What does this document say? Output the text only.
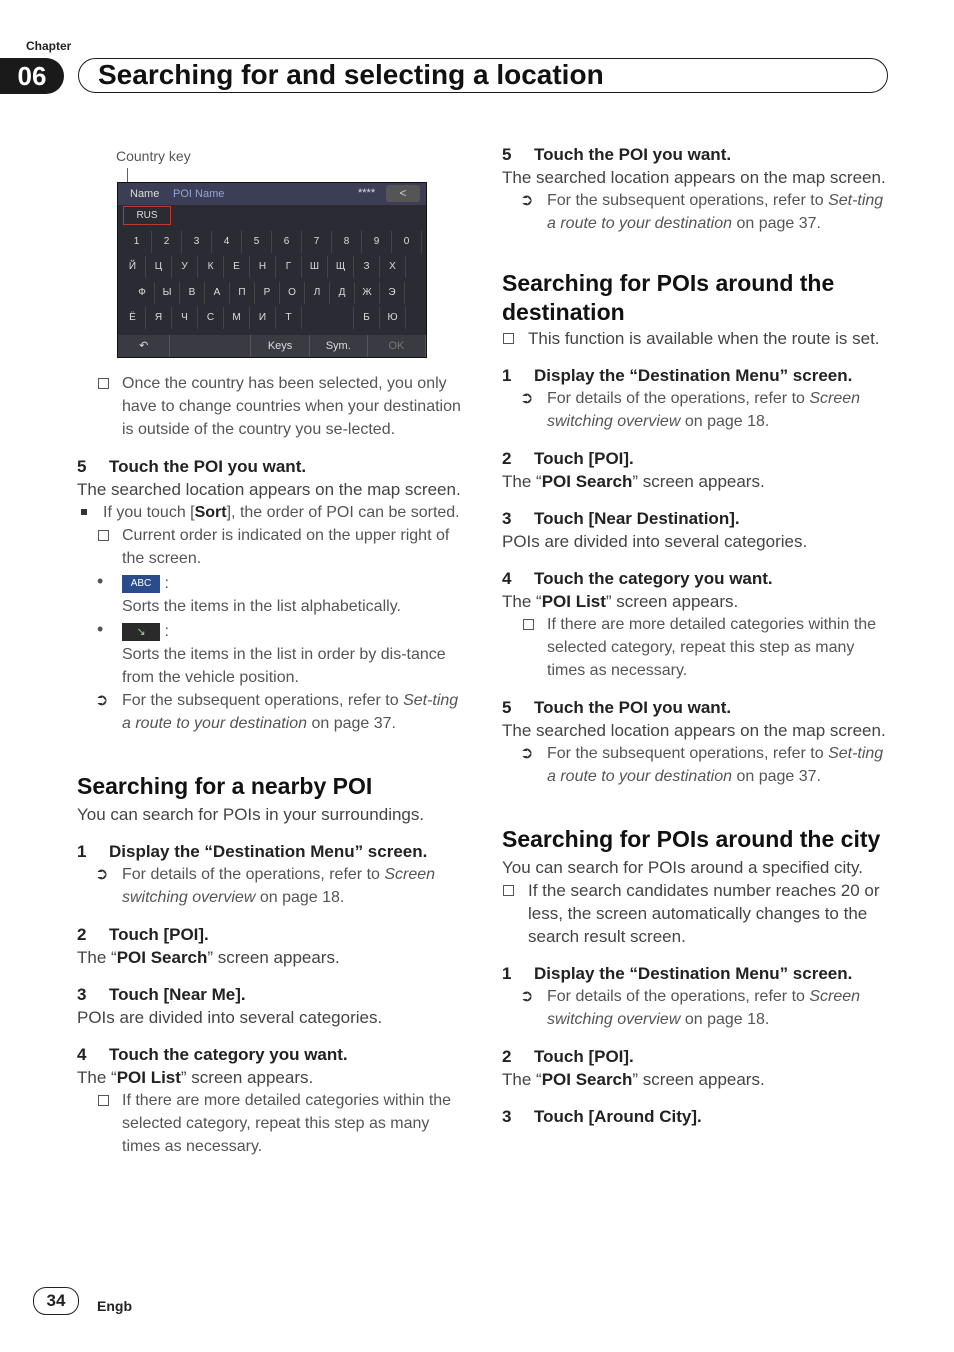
Chapter
06	Searching for and selecting a location
Country key
Name POI Name	****	<
RUS
1	2	3	4	5	6	7	8	9	0
Й	Ц	У	К	Е	Н	Г	Ш	Щ	З	Х
Ф	Ы	В	А	П	Р	О	Л	Д	Ж	Э
Ё	Я	Ч	С	М	И	Т	Б	Ю
↶	Keys	Sym.	OK
Once the country has been selected, you only have to change countries when your destination is outside of the country you se-lected.
5 Touch the POI you want.
The searched location appears on the map screen.
If you touch [Sort], the order of POI can be sorted.
Current order is indicated on the upper right of the screen.
•	ABC :
Sorts the items in the list alphabetically.
•	↘ :
Sorts the items in the list in order by dis-tance from the vehicle position.
➲ For the subsequent operations, refer to Set-ting a route to your destination on page 37.
Searching for a nearby POI
You can search for POIs in your surroundings.
1 Display the “Destination Menu” screen.
➲ For details of the operations, refer to Screen switching overview on page 18.
2 Touch [POI].
The “POI Search” screen appears.
3 Touch [Near Me].
POIs are divided into several categories.
4 Touch the category you want.
The “POI List” screen appears.
If there are more detailed categories within the selected category, repeat this step as many times as necessary.
5 Touch the POI you want.
The searched location appears on the map screen.
➲ For the subsequent operations, refer to Set-ting a route to your destination on page 37.
Searching for POIs around the destination
This function is available when the route is set.
1 Display the “Destination Menu” screen.
➲ For details of the operations, refer to Screen switching overview on page 18.
2 Touch [POI].
The “POI Search” screen appears.
3 Touch [Near Destination].
POIs are divided into several categories.
4 Touch the category you want.
The “POI List” screen appears.
If there are more detailed categories within the selected category, repeat this step as many times as necessary.
5 Touch the POI you want.
The searched location appears on the map screen.
➲ For the subsequent operations, refer to Set-ting a route to your destination on page 37.
Searching for POIs around the city
You can search for POIs around a specified city.
If the search candidates number reaches 20 or less, the screen automatically changes to the search result screen.
1 Display the “Destination Menu” screen.
➲ For details of the operations, refer to Screen switching overview on page 18.
2 Touch [POI].
The “POI Search” screen appears.
3 Touch [Around City].
34	Engb
